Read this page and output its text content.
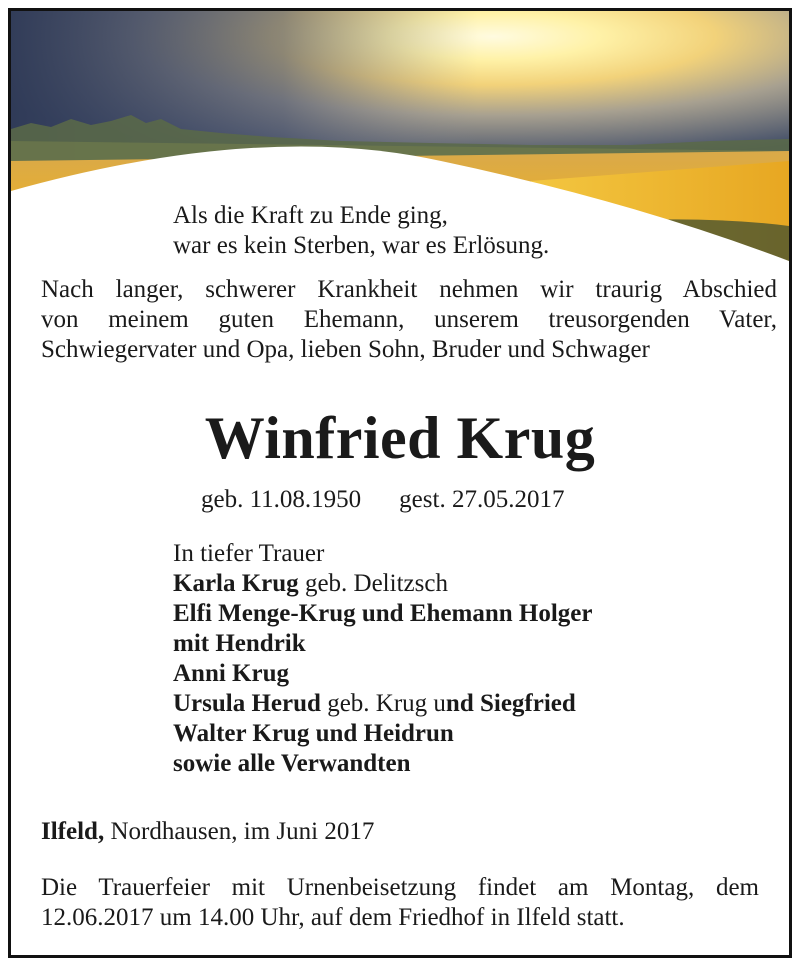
Als die Kraft zu Ende ging,
war es kein Sterben, war es Erlösung.
Nach langer, schwerer Krankheit nehmen wir traurig Abschied
von meinem guten Ehemann, unserem treusorgenden Vater,
Schwiegervater und Opa, lieben Sohn, Bruder und Schwager
Winfried Krug
geb. 11.08.1950 gest. 27.05.2017
In tiefer Trauer
Karla Krug geb. Delitzsch
Elfi Menge-Krug und Ehemann Holger
mit Hendrik
Anni Krug
Ursula Herud geb. Krug und Siegfried
Walter Krug und Heidrun
sowie alle Verwandten
Ilfeld, Nordhausen, im Juni 2017
Die Trauerfeier mit Urnenbeisetzung findet am Montag, dem
12.06.2017 um 14.00 Uhr, auf dem Friedhof in Ilfeld statt.
